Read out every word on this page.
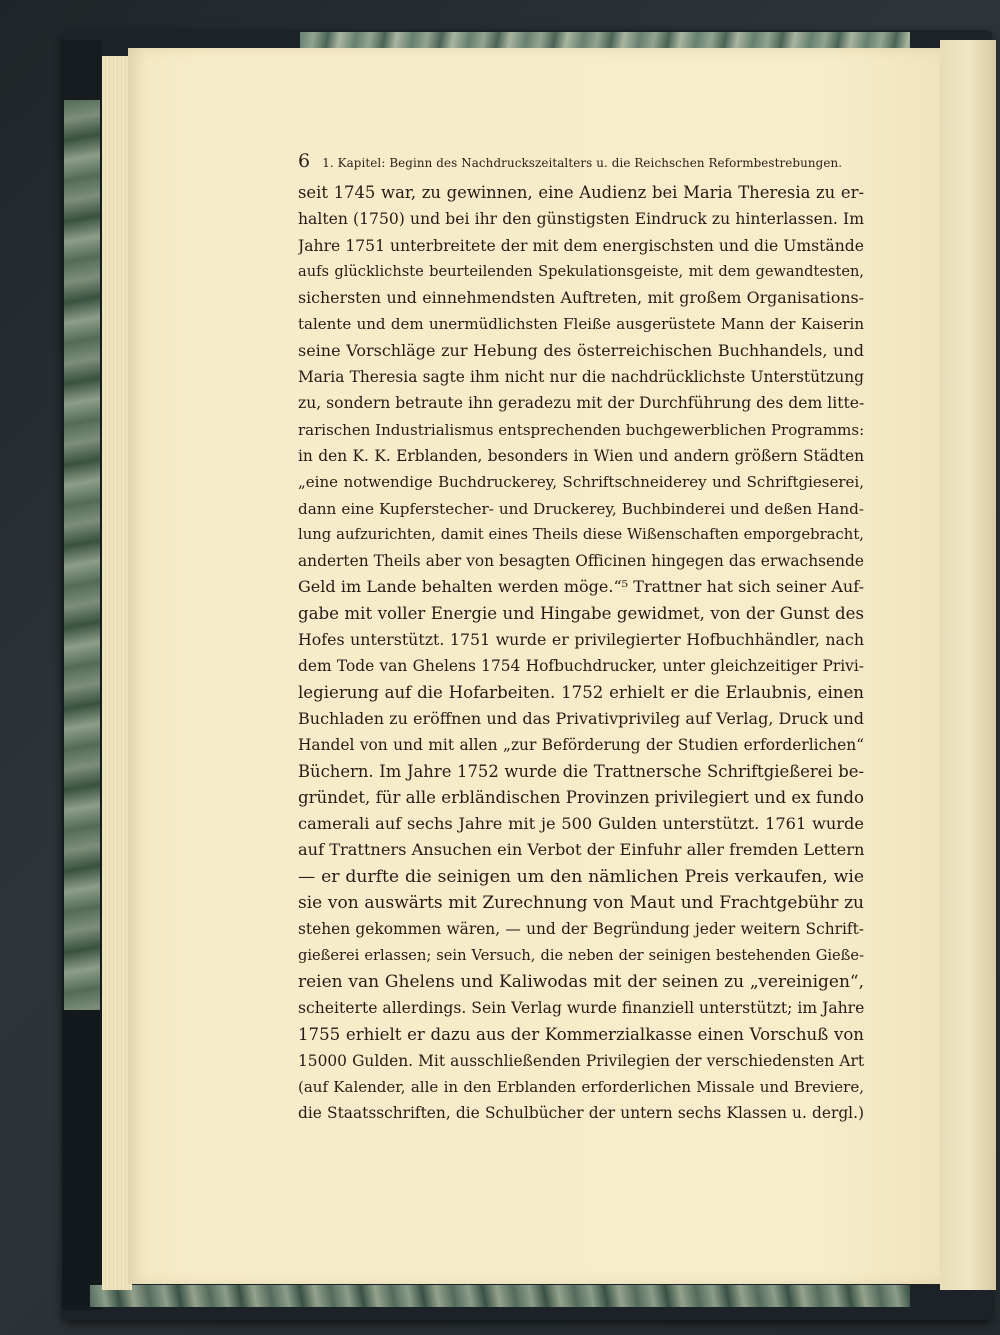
6 1. Kapitel: Beginn des Nachdruckszeitalters u. die Reichschen Reformbestrebungen.
seit 1745 war, zu gewinnen, eine Audienz bei Maria Theresia zu er-
halten (1750) und bei ihr den günstigsten Eindruck zu hinterlassen. Im
Jahre 1751 unterbreitete der mit dem energischsten und die Umstände
aufs glücklichste beurteilenden Spekulationsgeiste, mit dem gewandtesten,
sichersten und einnehmendsten Auftreten, mit großem Organisations-
talente und dem unermüdlichsten Fleiße ausgerüstete Mann der Kaiserin
seine Vorschläge zur Hebung des österreichischen Buchhandels, und
Maria Theresia sagte ihm nicht nur die nachdrücklichste Unterstützung
zu, sondern betraute ihn geradezu mit der Durchführung des dem litte-
rarischen Industrialismus entsprechenden buchgewerblichen Programms:
in den K. K. Erblanden, besonders in Wien und andern größern Städten
„eine notwendige Buchdruckerey, Schriftschneiderey und Schriftgieserei,
dann eine Kupferstecher- und Druckerey, Buchbinderei und deßen Hand-
lung aufzurichten, damit eines Theils diese Wißenschaften emporgebracht,
anderten Theils aber von besagten Officinen hingegen das erwachsende
Geld im Lande behalten werden möge.“⁵ Trattner hat sich seiner Auf-
gabe mit voller Energie und Hingabe gewidmet, von der Gunst des
Hofes unterstützt. 1751 wurde er privilegierter Hofbuchhändler, nach
dem Tode van Ghelens 1754 Hofbuchdrucker, unter gleichzeitiger Privi-
legierung auf die Hofarbeiten. 1752 erhielt er die Erlaubnis, einen
Buchladen zu eröffnen und das Privativprivileg auf Verlag, Druck und
Handel von und mit allen „zur Beförderung der Studien erforderlichen“
Büchern. Im Jahre 1752 wurde die Trattnersche Schriftgießerei be-
gründet, für alle erbländischen Provinzen privilegiert und ex fundo
camerali auf sechs Jahre mit je 500 Gulden unterstützt. 1761 wurde
auf Trattners Ansuchen ein Verbot der Einfuhr aller fremden Lettern
— er durfte die seinigen um den nämlichen Preis verkaufen, wie
sie von auswärts mit Zurechnung von Maut und Frachtgebühr zu
stehen gekommen wären, — und der Begründung jeder weitern Schrift-
gießerei erlassen; sein Versuch, die neben der seinigen bestehenden Gieße-
reien van Ghelens und Kaliwodas mit der seinen zu „vereinigen“,
scheiterte allerdings. Sein Verlag wurde finanziell unterstützt; im Jahre
1755 erhielt er dazu aus der Kommerzialkasse einen Vorschuß von
15000 Gulden. Mit ausschließenden Privilegien der verschiedensten Art
(auf Kalender, alle in den Erblanden erforderlichen Missale und Breviere,
die Staatsschriften, die Schulbücher der untern sechs Klassen u. dergl.)
